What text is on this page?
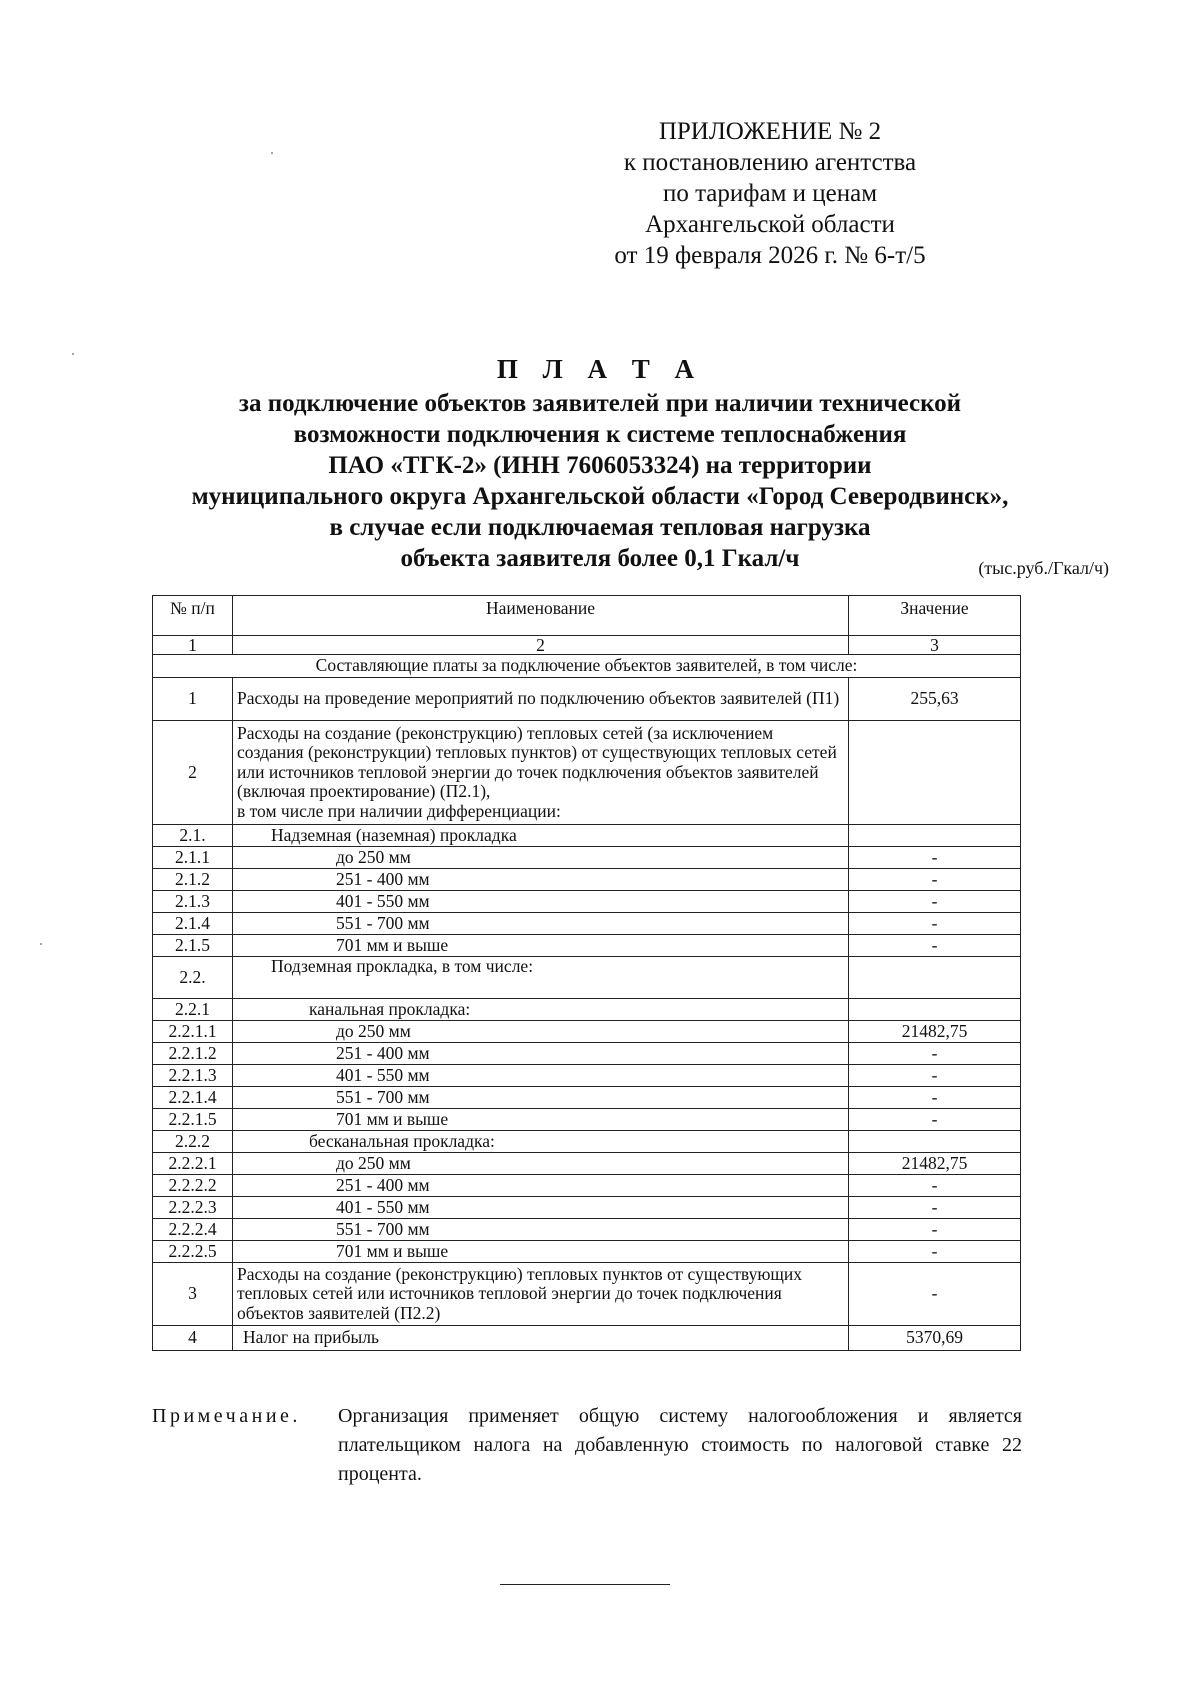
ПРИЛОЖЕНИЕ № 2
к постановлению агентства
по тарифам и ценам
Архангельской области
от 19 февраля 2026 г. № 6-т/5
П Л А Т А
за подключение объектов заявителей при наличии технической
возможности подключения к системе теплоснабжения
ПАО «ТГК-2» (ИНН 7606053324) на территории
муниципального округа Архангельской области «Город Северодвинск»,
в случае если подключаемая тепловая нагрузка
объекта заявителя более 0,1 Гкал/ч	(тыс.руб./Гкал/ч)
№ п/п	Наименование	Значение
1	2	3
Составляющие платы за подключение объектов заявителей, в том числе:		
1	Расходы на проведение мероприятий по подключению объектов заявителей (П1)	255,63
2	Расходы на создание (реконструкцию) тепловых сетей (за исключением создания (реконструкции) тепловых пунктов) от существующих тепловых сетей или источников тепловой энергии до точек подключения объектов заявителей (включая проектирование) (П2.1),
в том числе при наличии дифференциации:	

2.1.	Надземная (наземная) прокладка	
2.1.1	до 250 мм	-
2.1.2	251 - 400 мм	-
2.1.3	401 - 550 мм	-
2.1.4	551 - 700 мм	-
2.1.5	701 мм и выше	-
2.2.	Подземная прокладка, в том числе:	
2.2.1	канальная прокладка:	
2.2.1.1	до 250 мм	21482,75
2.2.1.2	251 - 400 мм	-
2.2.1.3	401 - 550 мм	-
2.2.1.4	551 - 700 мм	-
2.2.1.5	701 мм и выше	-
2.2.2	бесканальная прокладка:	
2.2.2.1	до 250 мм	21482,75
2.2.2.2	251 - 400 мм	-
2.2.2.3	401 - 550 мм	-
2.2.2.4	551 - 700 мм	-
2.2.2.5	701 мм и выше	-
3	Расходы на создание (реконструкцию) тепловых пунктов от существующих тепловых сетей или источников тепловой энергии до точек подключения объектов заявителей (П2.2)	-
4	Налог на прибыль	5370,69
Примечание. Организация применяет общую систему налогообложения и является плательщиком налога на добавленную стоимость по налоговой ставке 22 процента.
